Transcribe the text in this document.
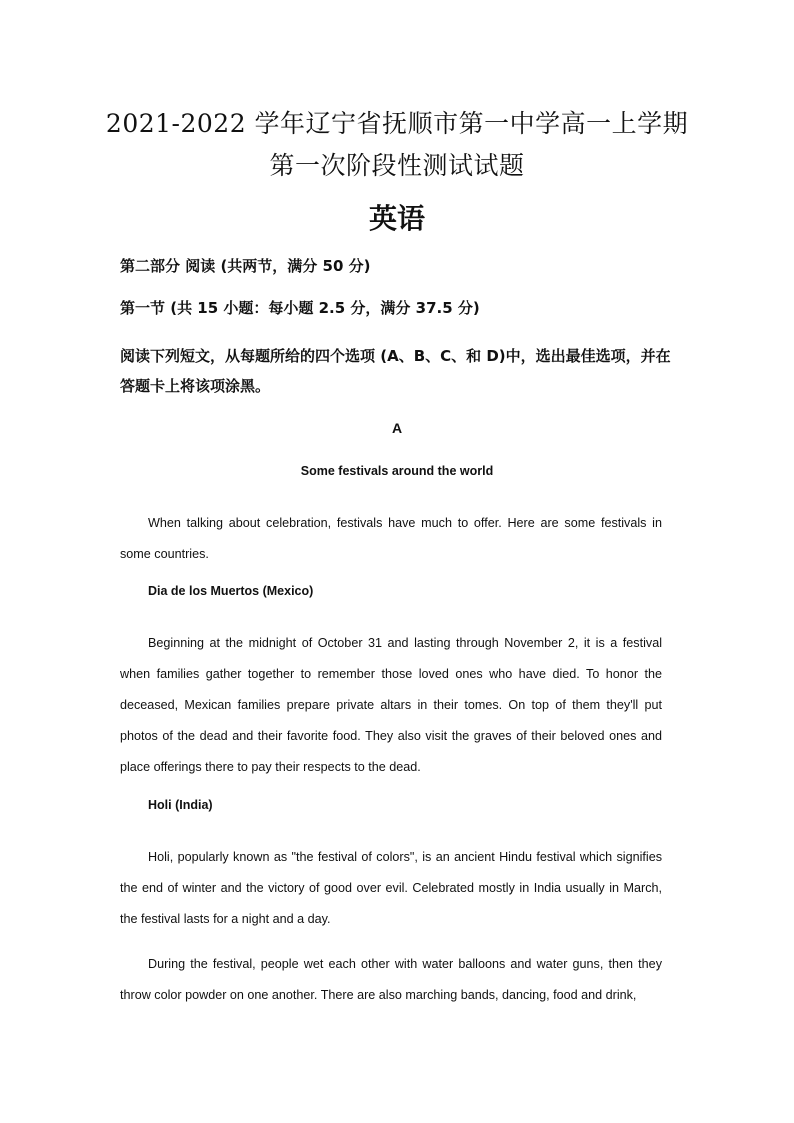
2021-2022 学年辽宁省抚顺市第一中学高一上学期
第一次阶段性测试试题
英语
第二部分 阅读 (共两节，满分 50 分)
第一节 (共 15 小题：每小题 2.5 分，满分 37.5 分)
阅读下列短文，从每题所给的四个选项 (A、B、C、和 D)中，选出最佳选项，并在答题卡上将该项涂黑。
A
Some festivals around the world
When talking about celebration, festivals have much to offer. Here are some festivals in some countries.
Dia de los Muertos (Mexico)
Beginning at the midnight of October 31 and lasting through November 2, it is a festival when families gather together to remember those loved ones who have died. To honor the deceased, Mexican families prepare private altars in their tomes. On top of them they'll put photos of the dead and their favorite food. They also visit the graves of their beloved ones and place offerings there to pay their respects to the dead.
Holi (India)
Holi, popularly known as "the festival of colors", is an ancient Hindu festival which signifies the end of winter and the victory of good over evil. Celebrated mostly in India usually in March, the festival lasts for a night and a day.
During the festival, people wet each other with water balloons and water guns, then they throw color powder on one another. There are also marching bands, dancing, food and drink,
